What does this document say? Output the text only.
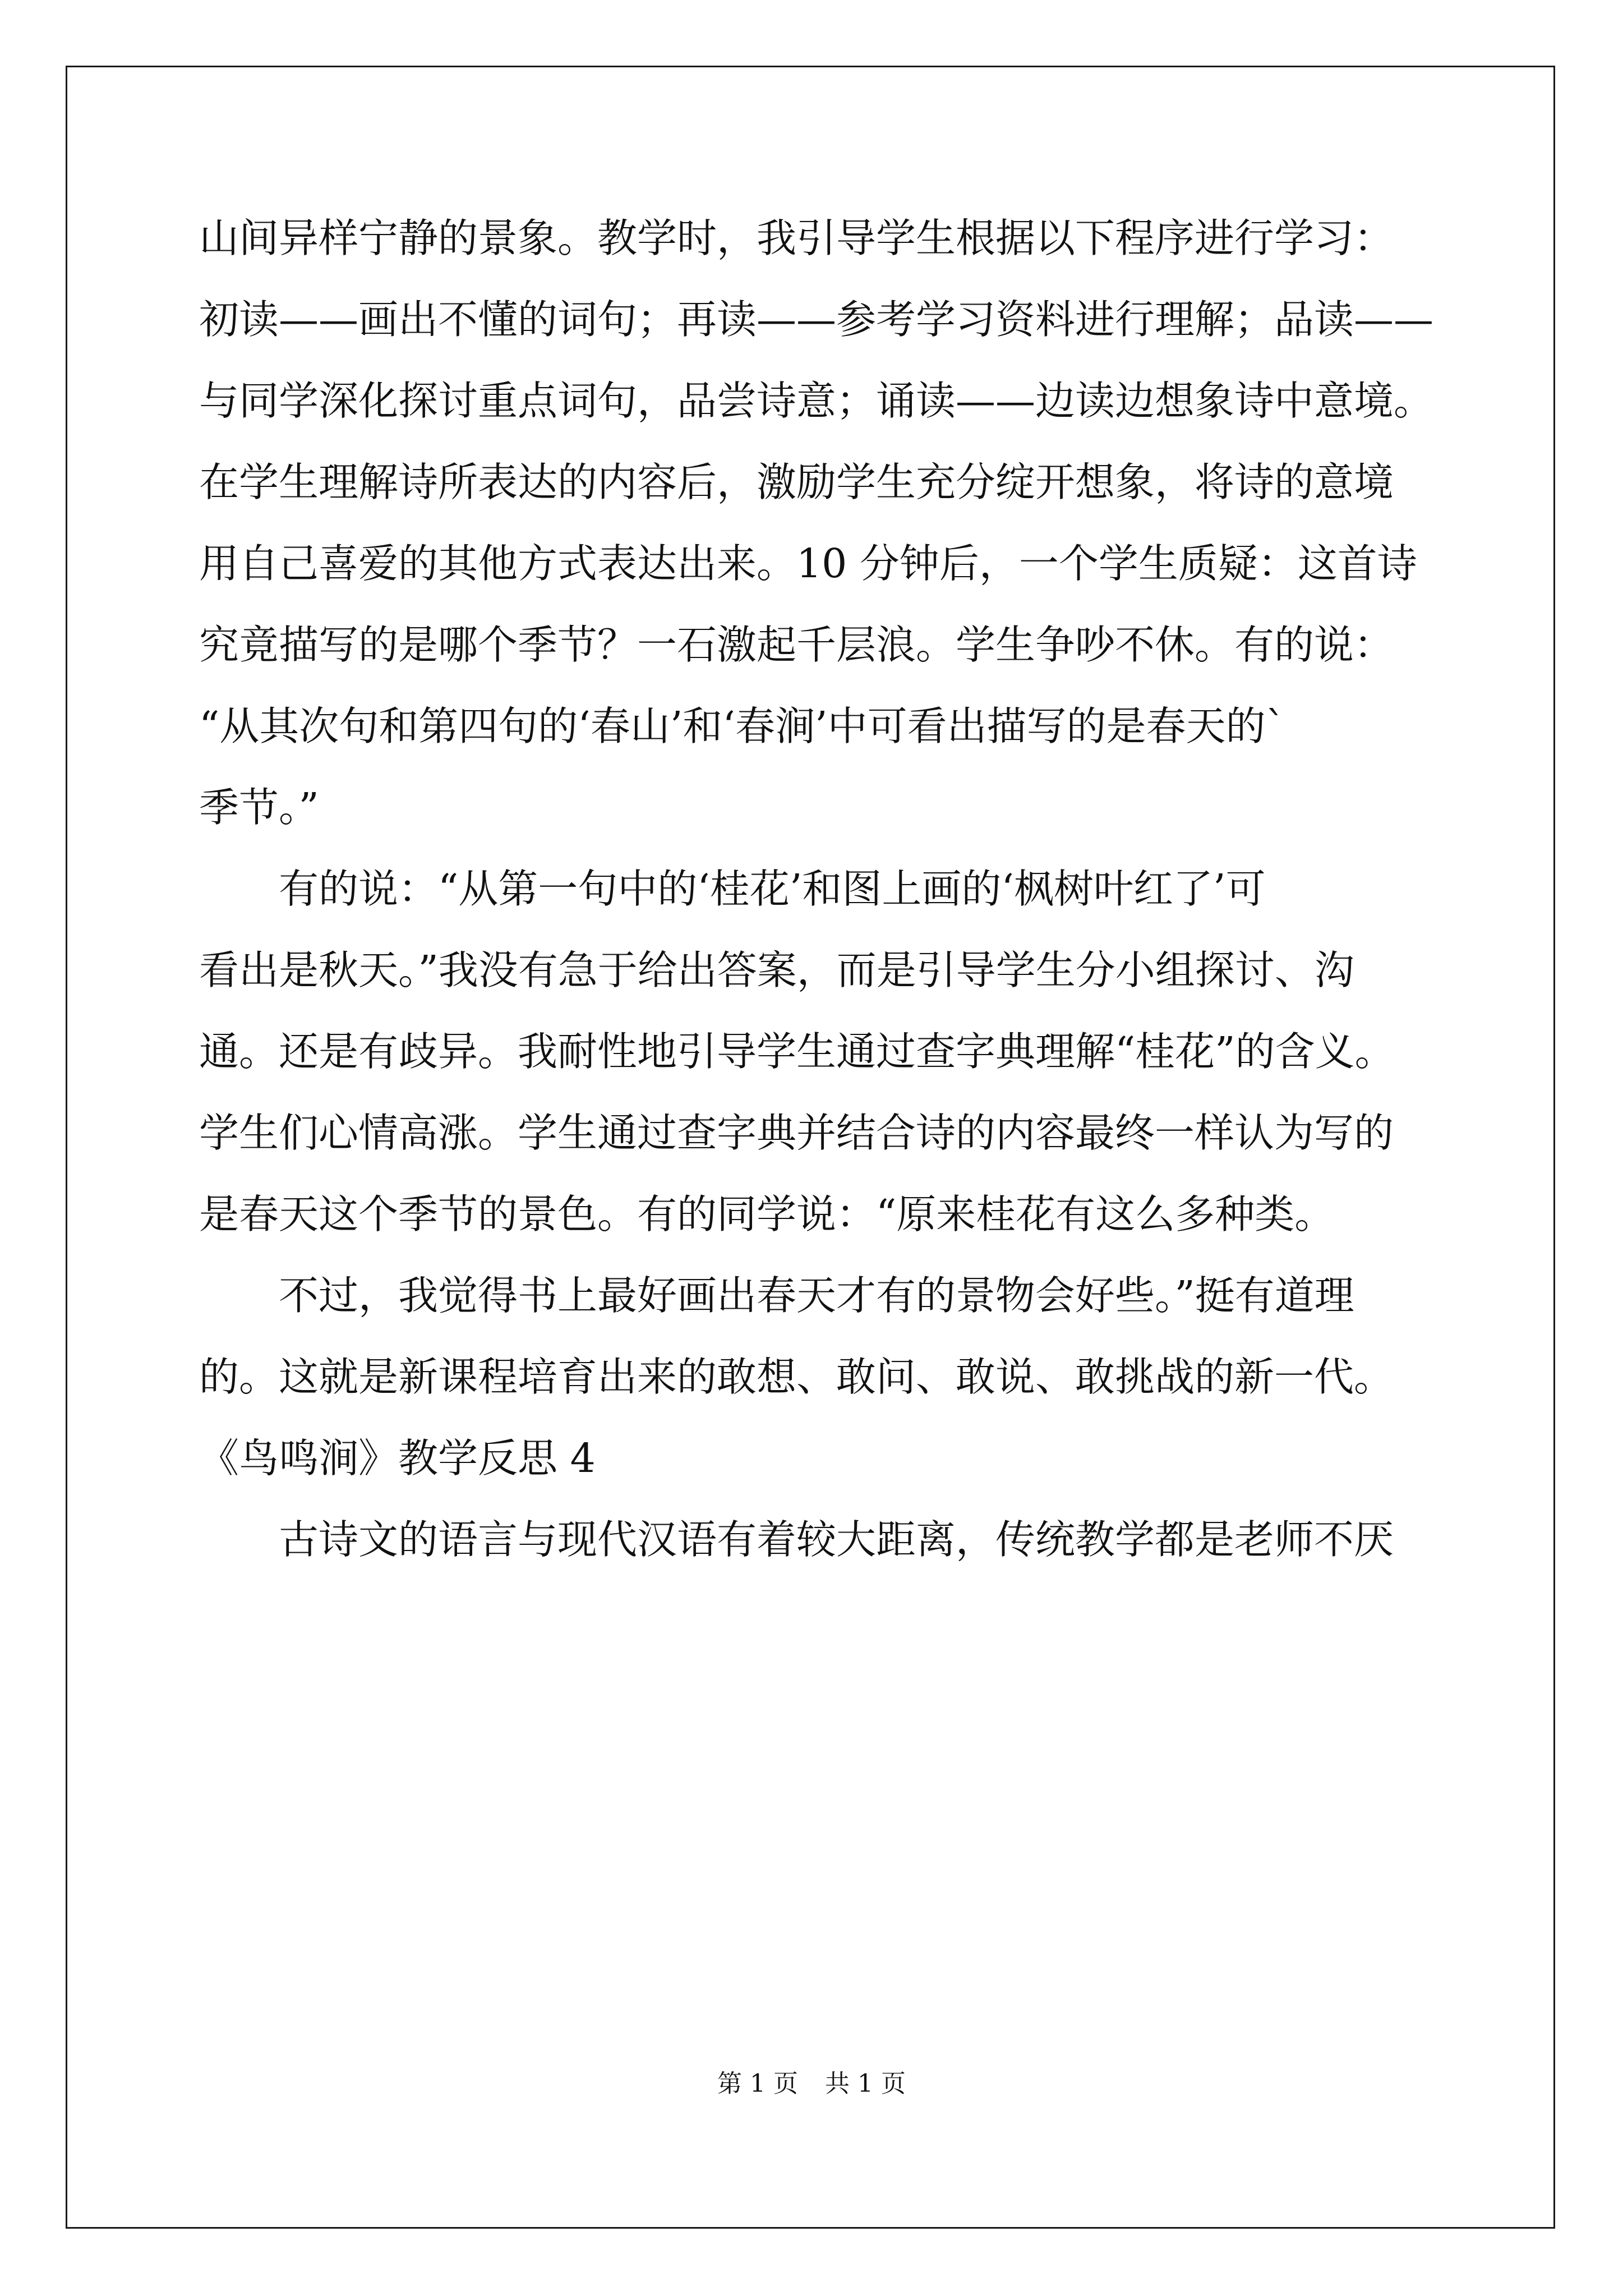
山间异样宁静的景象。教学时，我引导学生根据以下程序进行学习：
初读——画出不懂的词句；再读——参考学习资料进行理解；品读——
与同学深化探讨重点词句，品尝诗意；诵读——边读边想象诗中意境。
在学生理解诗所表达的内容后，激励学生充分绽开想象，将诗的意境
用自己喜爱的其他方式表达出来。10 分钟后，一个学生质疑：这首诗
究竟描写的是哪个季节？一石激起千层浪。学生争吵不休。有的说：
“从其次句和第四句的‘春山’和‘春涧’中可看出描写的是春天的`
季节。”
有的说：“从第一句中的‘桂花’和图上画的‘枫树叶红了’可
看出是秋天。”我没有急于给出答案，而是引导学生分小组探讨、沟
通。还是有歧异。我耐性地引导学生通过查字典理解“桂花”的含义。
学生们心情高涨。学生通过查字典并结合诗的内容最终一样认为写的
是春天这个季节的景色。有的同学说：“原来桂花有这么多种类。
不过，我觉得书上最好画出春天才有的景物会好些。”挺有道理
的。这就是新课程培育出来的敢想、敢问、敢说、敢挑战的新一代。
《鸟鸣涧》教学反思 4
古诗文的语言与现代汉语有着较大距离，传统教学都是老师不厌
第 1 页 共 1 页
